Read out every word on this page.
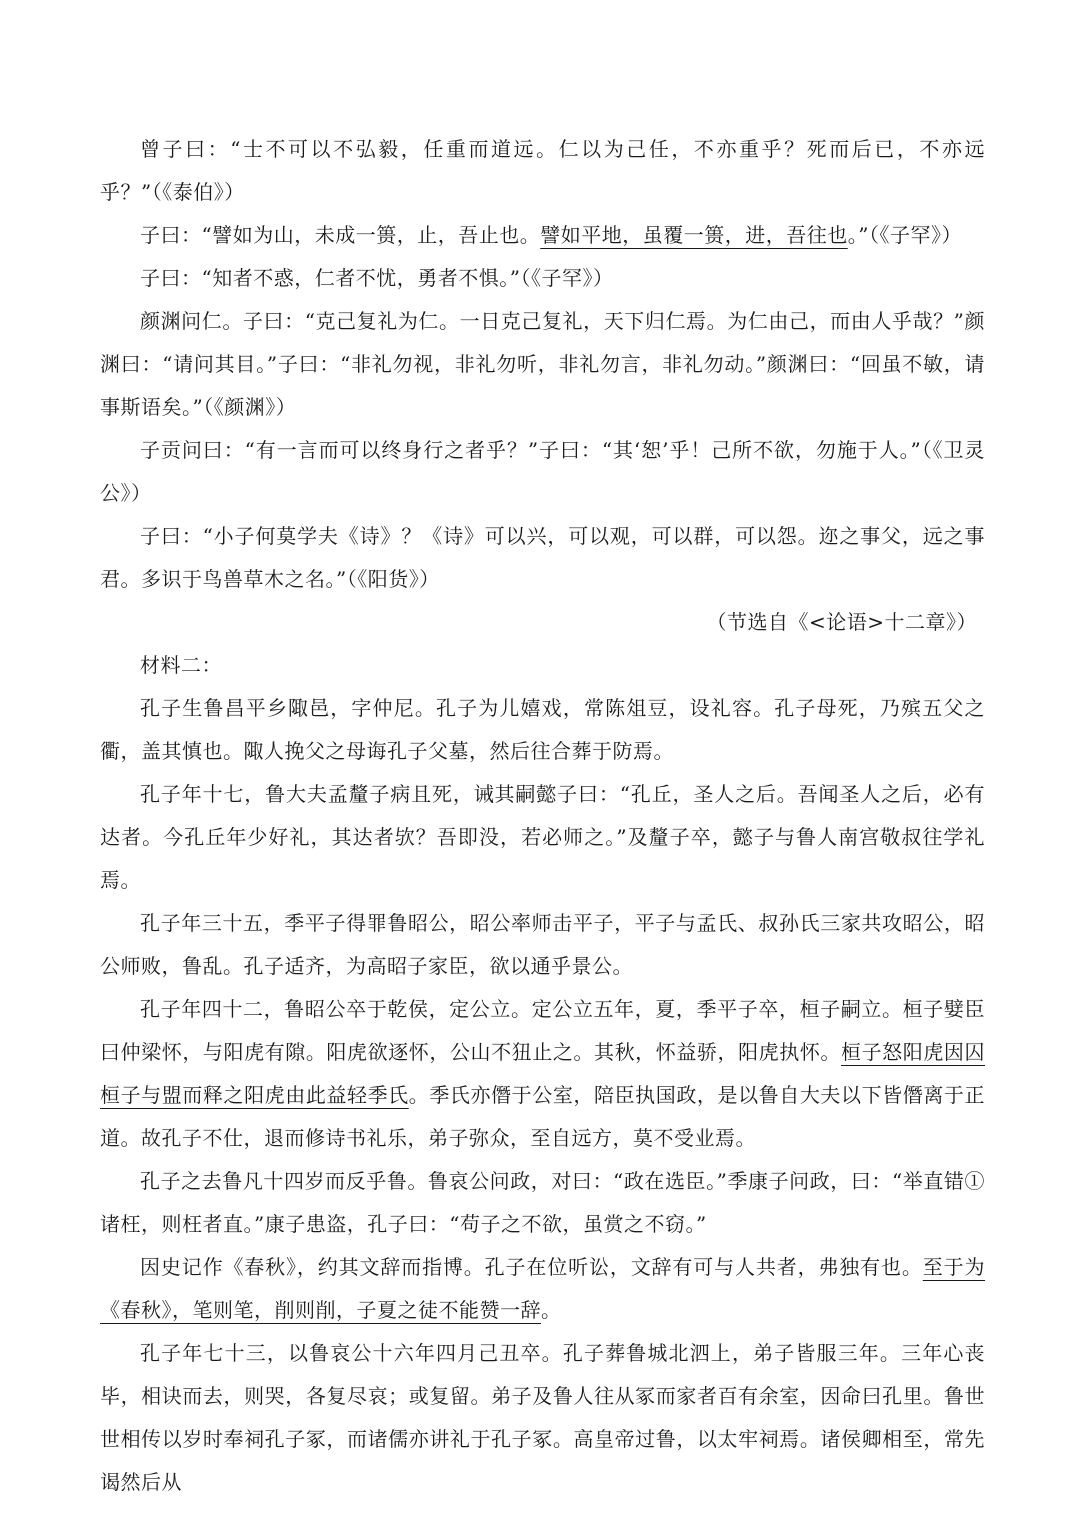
曾子曰：“士不可以不弘毅，任重而道远。仁以为己任，不亦重乎？死而后已，不亦远乎？”（《泰伯》）
子曰：“譬如为山，未成一篑，止，吾止也。譬如平地，虽覆一篑，进，吾往也。”（《子罕》）
子曰：“知者不惑，仁者不忧，勇者不惧。”（《子罕》）
颜渊问仁。子曰：“克己复礼为仁。一日克己复礼，天下归仁焉。为仁由己，而由人乎哉？”颜渊曰：“请问其目。”子曰：“非礼勿视，非礼勿听，非礼勿言，非礼勿动。”颜渊曰：“回虽不敏，请事斯语矣。”（《颜渊》）
子贡问曰：“有一言而可以终身行之者乎？”子曰：“其‘恕’乎！己所不欲，勿施于人。”（《卫灵公》）
子曰：“小子何莫学夫《诗》？《诗》可以兴，可以观，可以群，可以怨。迩之事父，远之事君。多识于鸟兽草木之名。”（《阳货》）
（节选自《<论语>十二章》）
材料二：
孔子生鲁昌平乡陬邑，字仲尼。孔子为儿嬉戏，常陈俎豆，设礼容。孔子母死，乃殡五父之衢，盖其慎也。陬人挽父之母诲孔子父墓，然后往合葬于防焉。
孔子年十七，鲁大夫孟釐子病且死，诫其嗣懿子曰：“孔丘，圣人之后。吾闻圣人之后，必有达者。今孔丘年少好礼，其达者欤？吾即没，若必师之。”及釐子卒，懿子与鲁人南宫敬叔往学礼焉。
孔子年三十五，季平子得罪鲁昭公，昭公率师击平子，平子与孟氏、叔孙氏三家共攻昭公，昭公师败，鲁乱。孔子适齐，为高昭子家臣，欲以通乎景公。
孔子年四十二，鲁昭公卒于乾侯，定公立。定公立五年，夏，季平子卒，桓子嗣立。桓子嬖臣曰仲梁怀，与阳虎有隙。阳虎欲逐怀，公山不狃止之。其秋，怀益骄，阳虎执怀。桓子怒阳虎因囚桓子与盟而释之阳虎由此益轻季氏。季氏亦僭于公室，陪臣执国政，是以鲁自大夫以下皆僭离于正道。故孔子不仕，退而修诗书礼乐，弟子弥众，至自远方，莫不受业焉。
孔子之去鲁凡十四岁而反乎鲁。鲁哀公问政，对曰：“政在选臣。”季康子问政，曰：“举直错①诸枉，则枉者直。”康子患盗，孔子曰：“苟子之不欲，虽赏之不窃。”
因史记作《春秋》，约其文辞而指博。孔子在位听讼，文辞有可与人共者，弗独有也。至于为《春秋》，笔则笔，削则削，子夏之徒不能赞一辞。
孔子年七十三，以鲁哀公十六年四月己丑卒。孔子葬鲁城北泗上，弟子皆服三年。三年心丧毕，相诀而去，则哭，各复尽哀；或复留。弟子及鲁人往从冢而家者百有余室，因命曰孔里。鲁世世相传以岁时奉祠孔子冢，而诸儒亦讲礼于孔子冢。高皇帝过鲁，以太牢祠焉。诸侯卿相至，常先谒然后从
